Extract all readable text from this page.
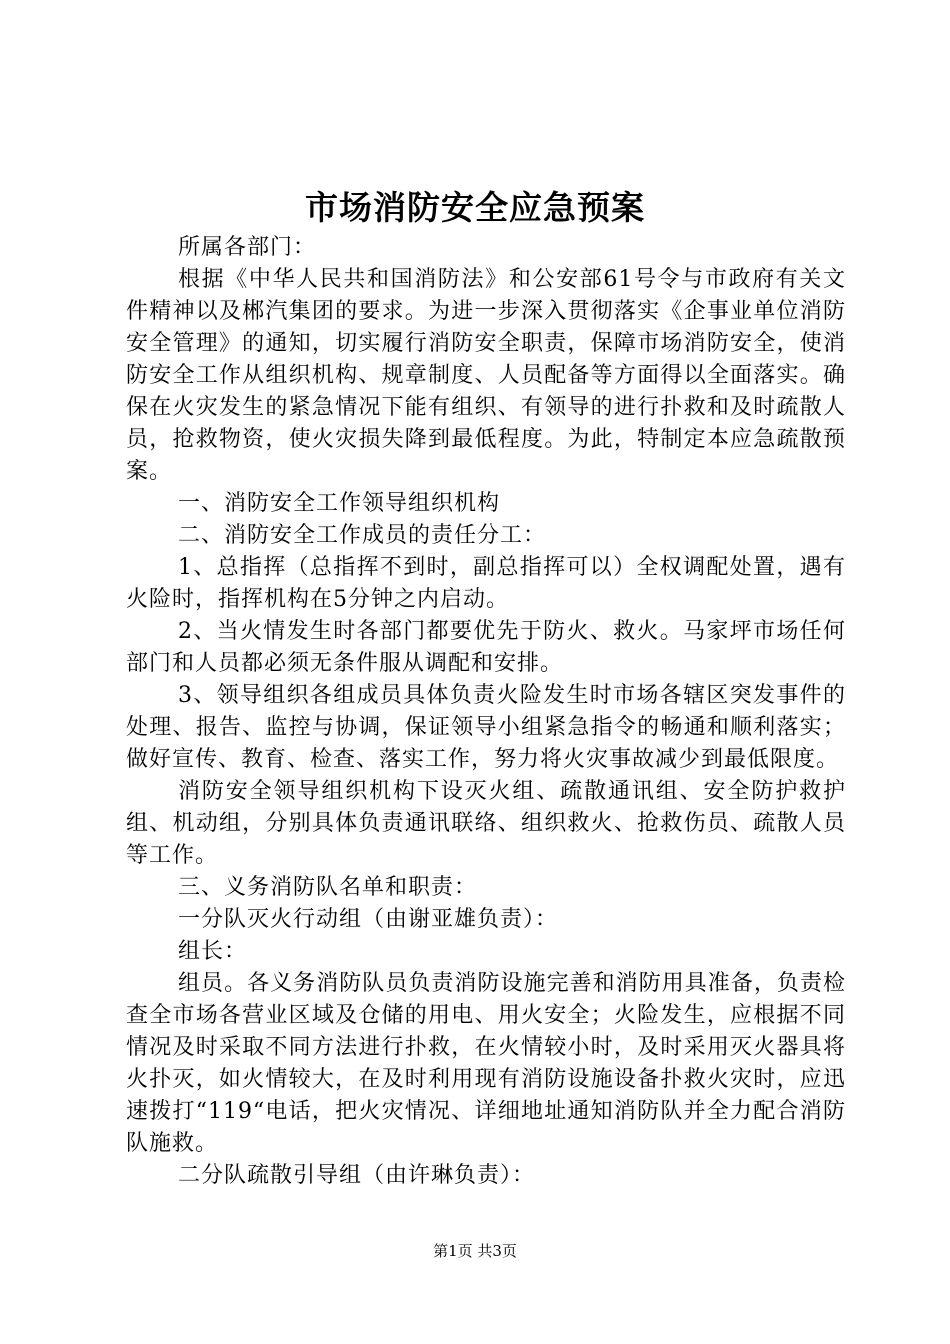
市场消防安全应急预案

所属各部门：

根据《中华人民共和国消防法》和公安部61号令与市政府有关文件精神以及郴汽集团的要求。为进一步深入贯彻落实《企事业单位消防安全管理》的通知，切实履行消防安全职责，保障市场消防安全，使消防安全工作从组织机构、规章制度、人员配备等方面得以全面落实。确保在火灾发生的紧急情况下能有组织、有领导的进行扑救和及时疏散人员，抢救物资，使火灾损失降到最低程度。为此，特制定本应急疏散预案。

一、消防安全工作领导组织机构

二、消防安全工作成员的责任分工：

1、总指挥（总指挥不到时，副总指挥可以）全权调配处置，遇有火险时，指挥机构在5分钟之内启动。

2、当火情发生时各部门都要优先于防火、救火。马家坪市场任何部门和人员都必须无条件服从调配和安排。

3、领导组织各组成员具体负责火险发生时市场各辖区突发事件的处理、报告、监控与协调，保证领导小组紧急指令的畅通和顺利落实；做好宣传、教育、检查、落实工作，努力将火灾事故减少到最低限度。

消防安全领导组织机构下设灭火组、疏散通讯组、安全防护救护组、机动组，分别具体负责通讯联络、组织救火、抢救伤员、疏散人员等工作。

三、义务消防队名单和职责：

一分队灭火行动组（由谢亚雄负责）：

组长：

组员。各义务消防队员负责消防设施完善和消防用具准备，负责检查全市场各营业区域及仓储的用电、用火安全；火险发生，应根据不同情况及时采取不同方法进行扑救，在火情较小时，及时采用灭火器具将火扑灭，如火情较大，在及时利用现有消防设施设备扑救火灾时，应迅速拨打“119“电话，把火灾情况、详细地址通知消防队并全力配合消防队施救。

二分队疏散引导组（由许琳负责）：

第1页 共3页
